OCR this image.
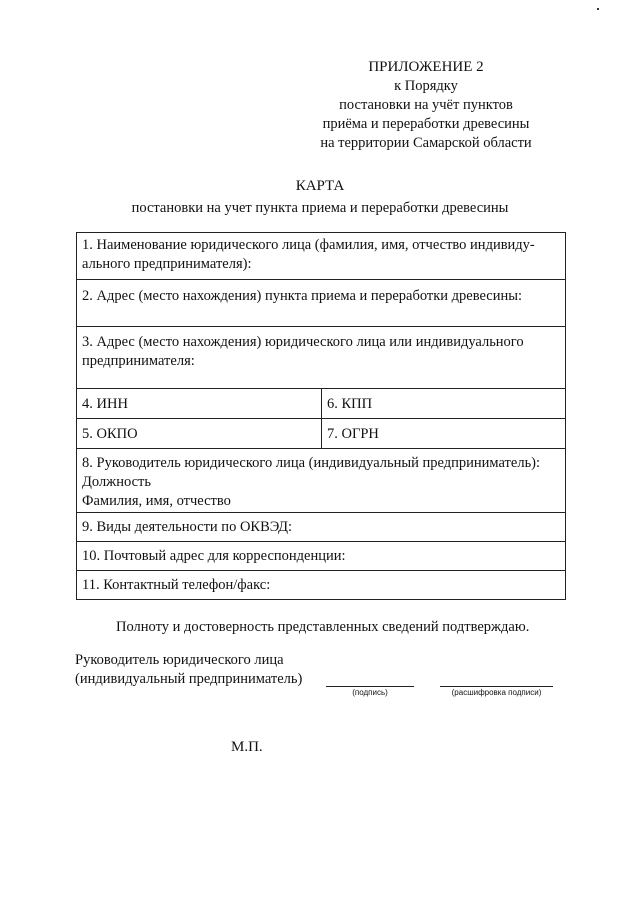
ПРИЛОЖЕНИЕ 2
к Порядку
постановки на учёт пунктов
приёма и переработки древесины
на территории Самарской области
КАРТА
постановки на учет пункта приема и переработки древесины
1. Наименование юридического лица (фамилия, имя, отчество индивиду-
ального предпринимателя):
2. Адрес (место нахождения) пункта приема и переработки древесины:
3. Адрес (место нахождения) юридического лица или индивидуального
предпринимателя:
4. ИНН	6. КПП
5. ОКПО	7. ОГРН
8. Руководитель юридического лица (индивидуальный предприниматель):
Должность
Фамилия, имя, отчество
9. Виды деятельности по ОКВЭД:
10. Почтовый адрес для корреспонденции:
11. Контактный телефон/факс:
Полноту и достоверность представленных сведений подтверждаю.
Руководитель юридического лица
(индивидуальный предприниматель)
(подпись)	(расшифровка подписи)
М.П.
